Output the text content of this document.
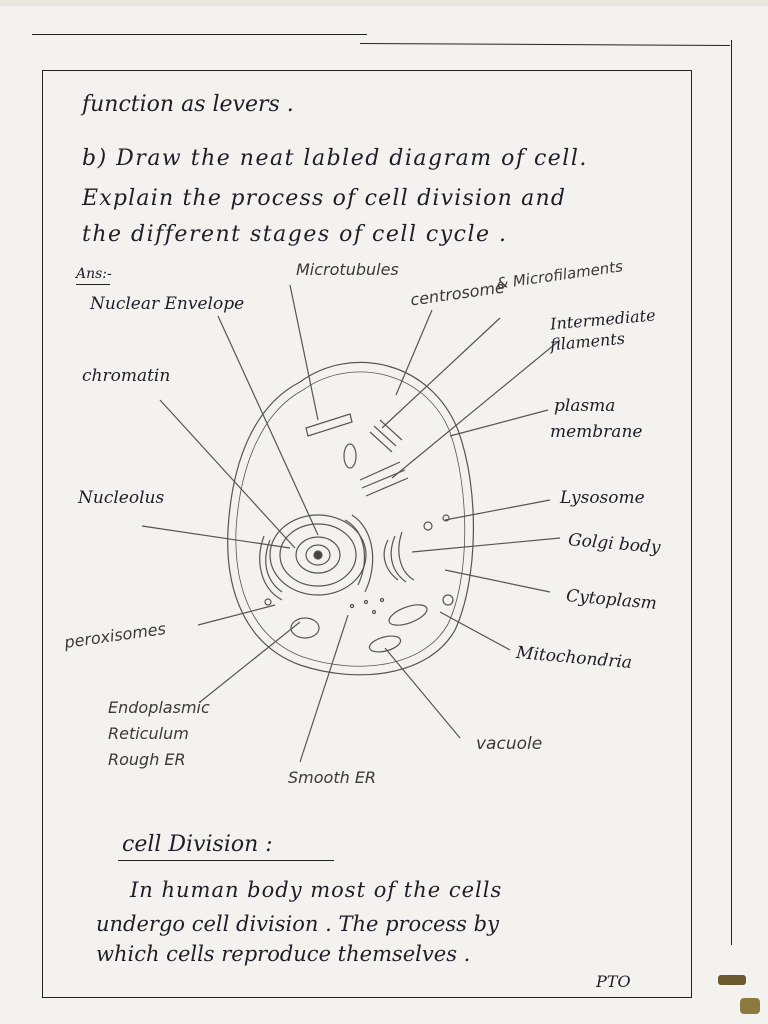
function as levers .
b) Draw the neat labled diagram of cell.
Explain the process of cell division and
the different stages of cell cycle .
Ans:-	Microtubules
centrosome
& Microfilaments
Nuclear Envelope
Intermediate
filaments
chromatin
plasma
membrane
Nucleolus	Lysosome
Golgi body
Cytoplasm
peroxisomes
Mitochondria
Endoplasmic
Reticulum
Rough ER
vacuole
Smooth ER
cell Division :
In human body most of the cells
undergo cell division . The process by
which cells reproduce themselves .
PTO
